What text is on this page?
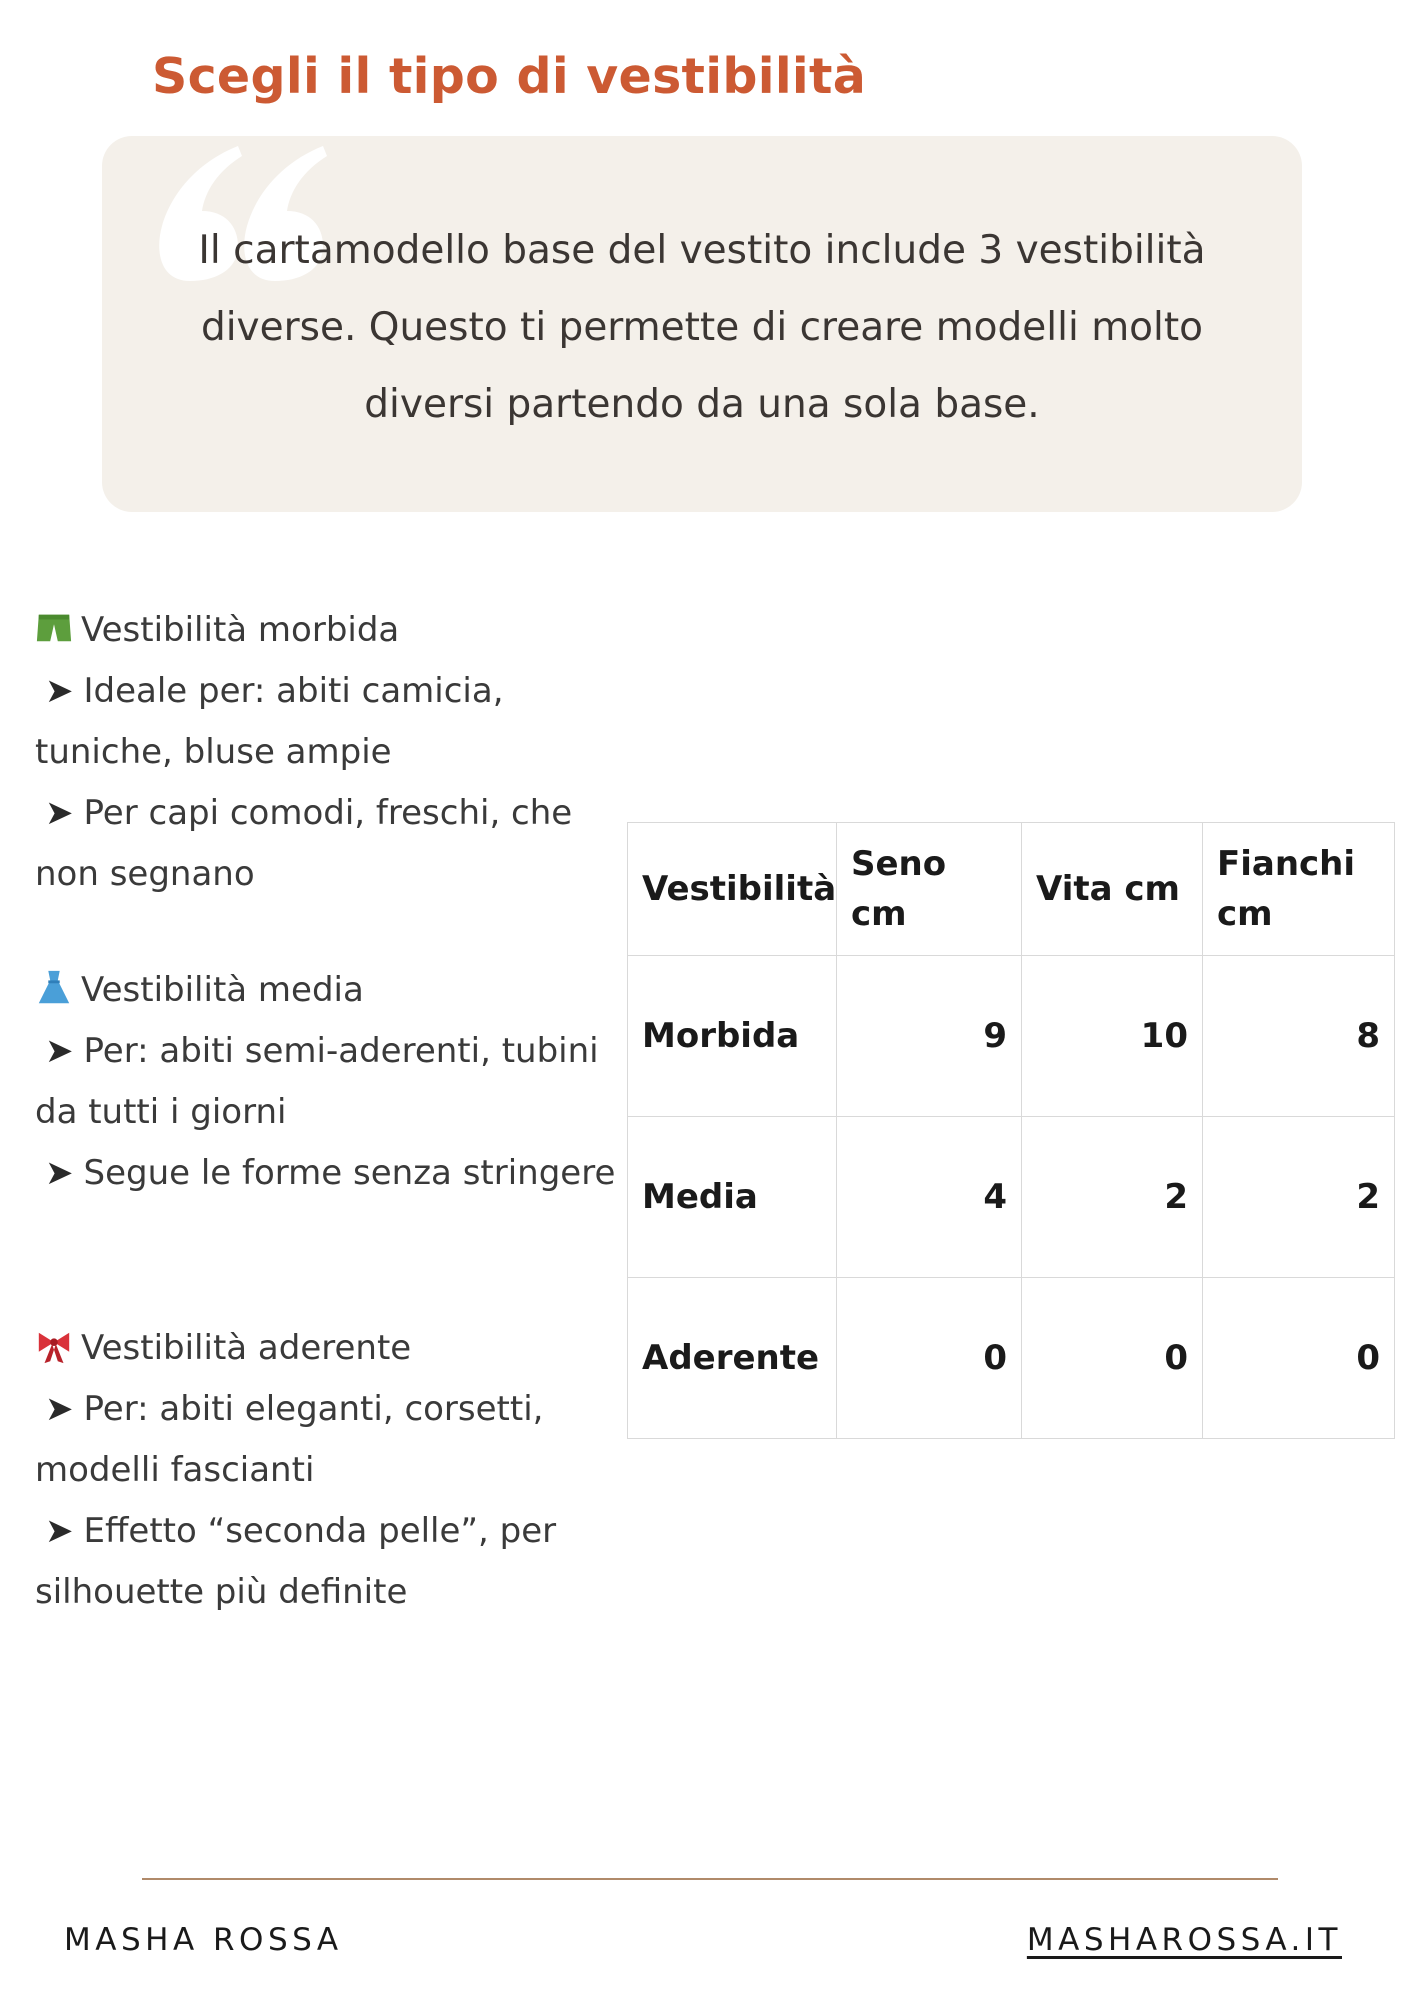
Scegli il tipo di vestibilità
Il cartamodello base del vestito include 3 vestibilità
diverse. Questo ti permette di creare modelli molto
diversi partendo da una sola base.
Vestibilità morbida
➤ Ideale per: abiti camicia,
tuniche, bluse ampie
➤ Per capi comodi, freschi, che
non segnano
Vestibilità media
➤ Per: abiti semi-aderenti, tubini
da tutti i giorni
➤ Segue le forme senza stringere
Vestibilità aderente
➤ Per: abiti eleganti, corsetti,
modelli fascianti
➤ Effetto “seconda pelle”, per
silhouette più definite
Vestibilità	Seno cm	Vita cm	Fianchi cm
Morbida	9	10	8
Media	4	2	2
Aderente	0	0	0
MASHA ROSSA	MASHAROSSA.IT
